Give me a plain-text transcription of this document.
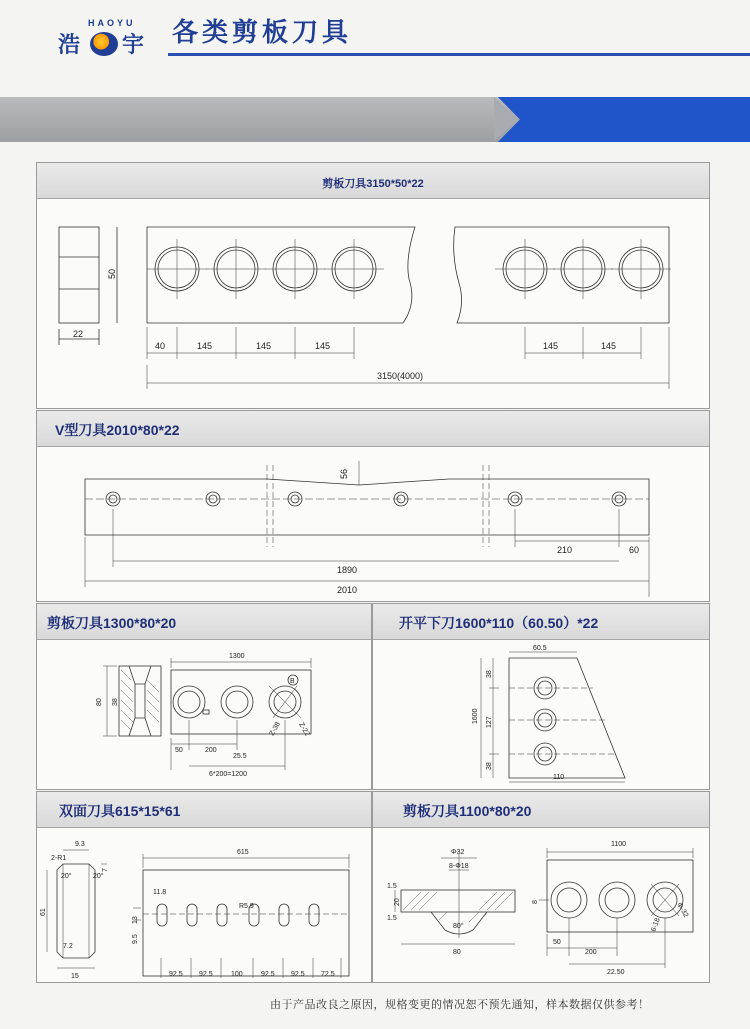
HAOYU
浩 宇 各类剪板刀具
剪板刀具3150*50*22
50
22
40	145	145	145	145	145
3150(4000)
V型刀具2010*80*22
56
210	60
1890
2010
剪板刀具1300*80*20
1300
80 38
50	200
25.5
6*200=1200
Z-38 Z-22
B
开平下刀1600*110（60.50）*22
60.5
38
127
38
1600
110
双面刀具615*15*61
9.3
2-R1
20°	20°
7
61
7.2
15
615
11.8
R5.9
13
9.5
92.5 92.5	100	92.5 92.5 72.5
剪板刀具1100*80*20
Φ32
8-Φ18
1.5
20
1.5
80°
80
1100
8
50
200
22.50
6-18
Φ-32
由于产品改良之原因，规格变更的情况恕不预先通知，样本数据仅供参考！
